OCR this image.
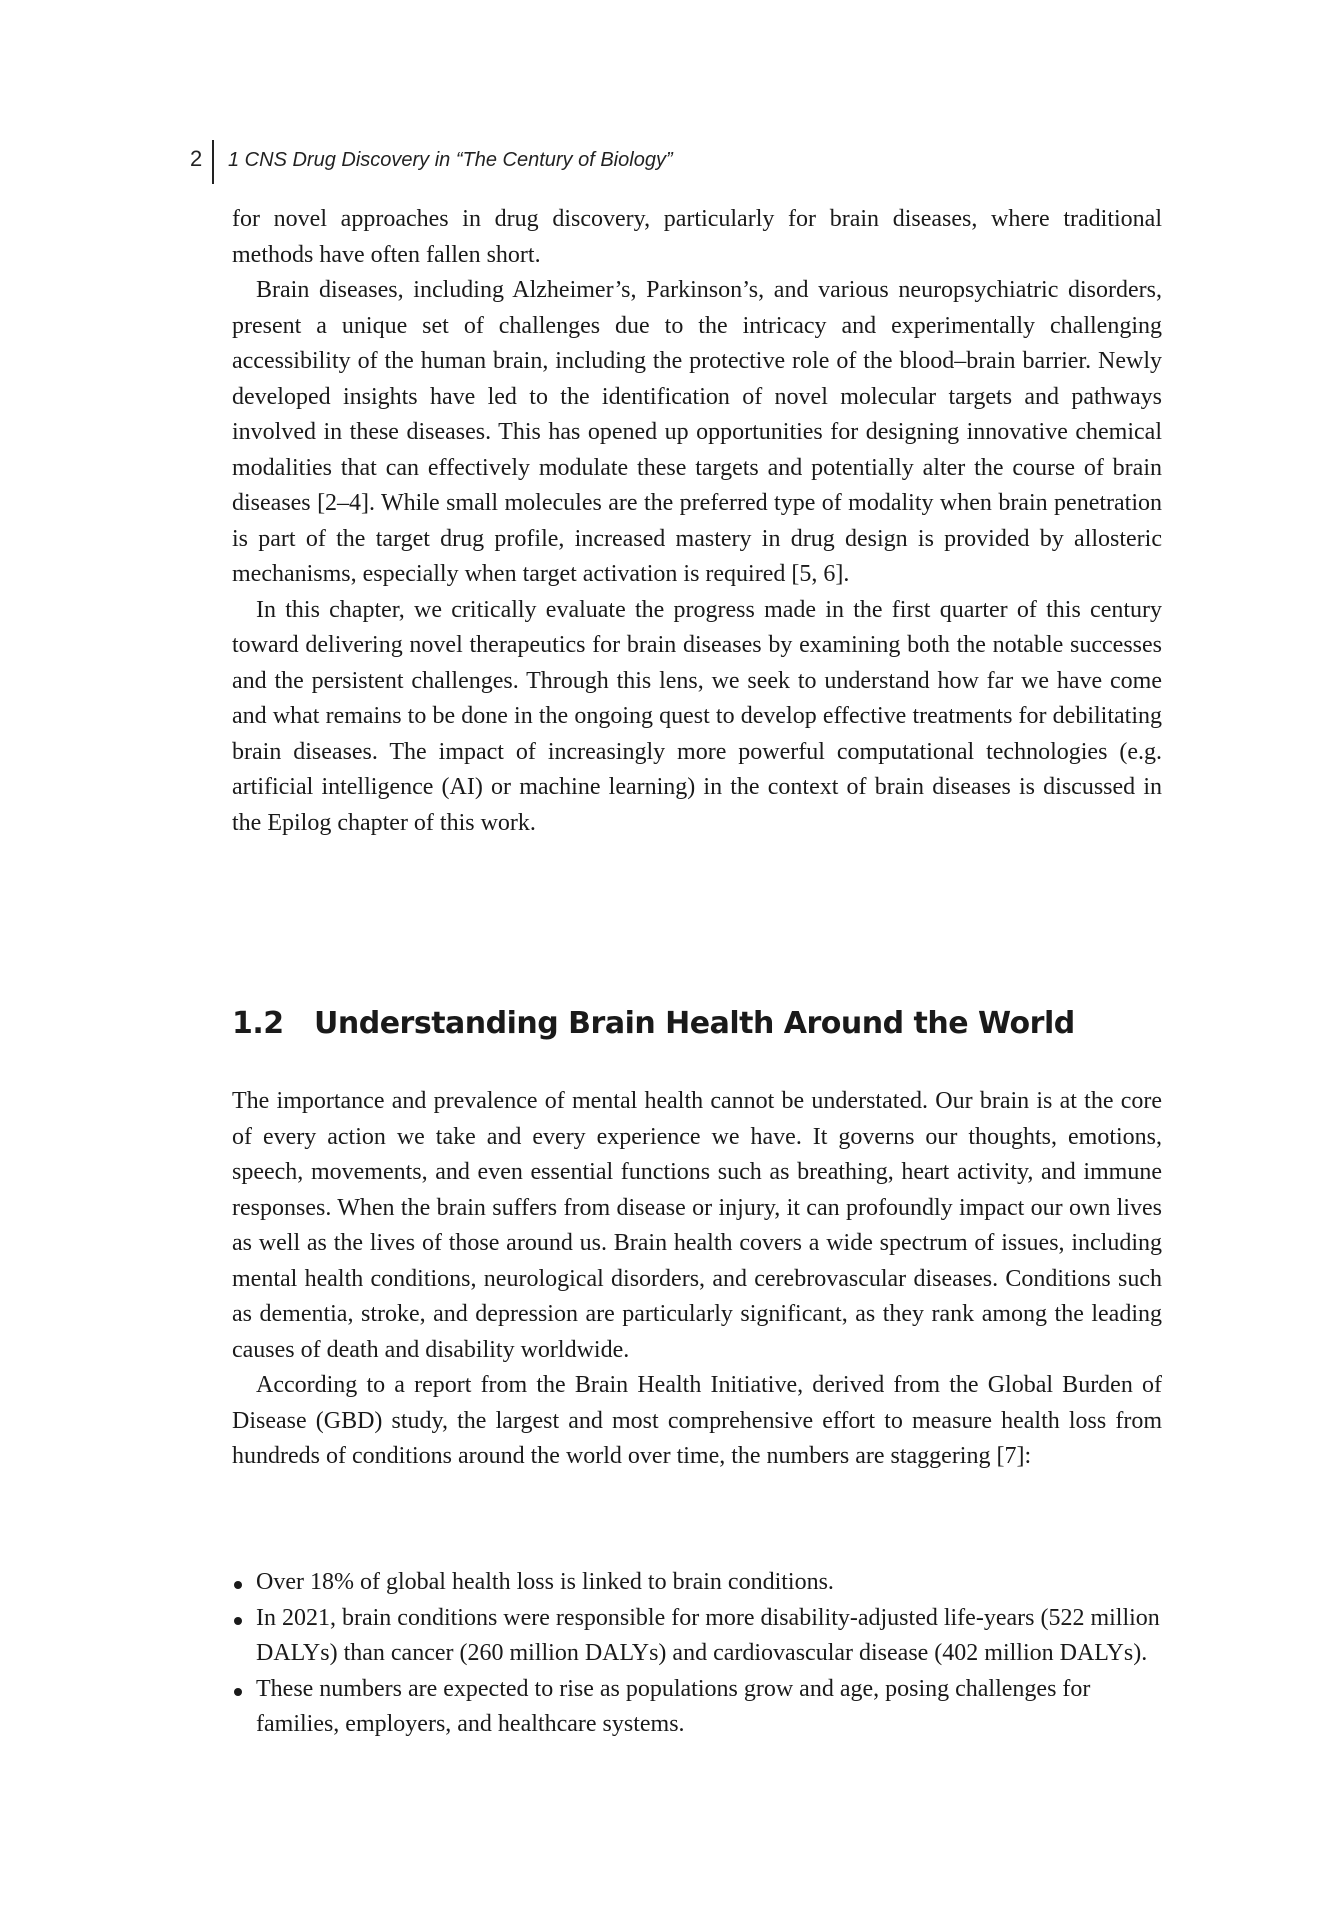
2 1 CNS Drug Discovery in “The Century of Biology”

for novel approaches in drug discovery, particularly for brain diseases, where traditional methods have often fallen short.

Brain diseases, including Alzheimer’s, Parkinson’s, and various neuropsychiatric disorders, present a unique set of challenges due to the intricacy and experimentally challenging accessibility of the human brain, including the protective role of the blood–brain barrier. Newly developed insights have led to the identification of novel molecular targets and pathways involved in these diseases. This has opened up opportunities for designing innovative chemical modalities that can effectively modulate these targets and potentially alter the course of brain diseases [2–4]. While small molecules are the preferred type of modality when brain penetration is part of the target drug profile, increased mastery in drug design is provided by allosteric mechanisms, especially when target activation is required [5, 6].

In this chapter, we critically evaluate the progress made in the first quarter of this century toward delivering novel therapeutics for brain diseases by examining both the notable successes and the persistent challenges. Through this lens, we seek to understand how far we have come and what remains to be done in the ongoing quest to develop effective treatments for debilitating brain diseases. The impact of increasingly more powerful computational technologies (e.g. artificial intelligence (AI) or machine learning) in the context of brain diseases is discussed in the Epilog chapter of this work.

1.2 Understanding Brain Health Around the World

The importance and prevalence of mental health cannot be understated. Our brain is at the core of every action we take and every experience we have. It governs our thoughts, emotions, speech, movements, and even essential functions such as breathing, heart activity, and immune responses. When the brain suffers from disease or injury, it can profoundly impact our own lives as well as the lives of those around us. Brain health covers a wide spectrum of issues, including mental health conditions, neurological disorders, and cerebrovascular diseases. Conditions such as dementia, stroke, and depression are particularly significant, as they rank among the leading causes of death and disability worldwide.

According to a report from the Brain Health Initiative, derived from the Global Burden of Disease (GBD) study, the largest and most comprehensive effort to measure health loss from hundreds of conditions around the world over time, the numbers are staggering [7]:

Over 18% of global health loss is linked to brain conditions.
In 2021, brain conditions were responsible for more disability-adjusted life-years (522 million DALYs) than cancer (260 million DALYs) and cardiovascular disease (402 million DALYs).
These numbers are expected to rise as populations grow and age, posing challenges for families, employers, and healthcare systems.
